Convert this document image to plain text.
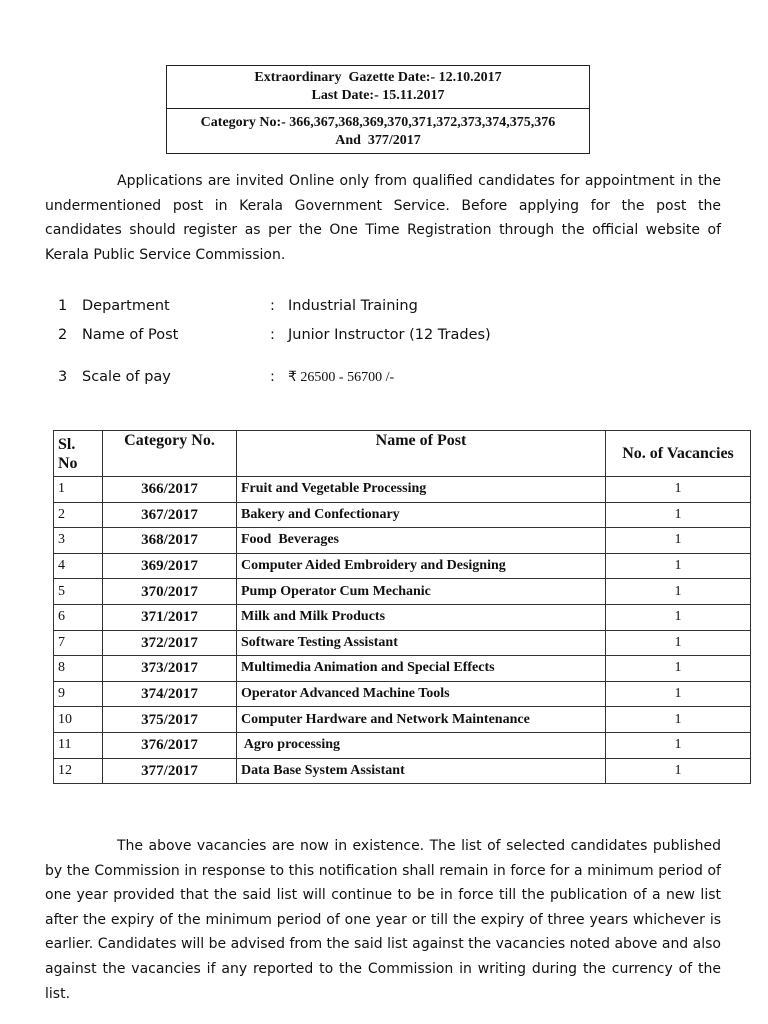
Extraordinary  Gazette Date:- 12.10.2017
Last Date:- 15.11.2017
Category No:- 366,367,368,369,370,371,372,373,374,375,376
And  377/2017

Applications are invited Online only from qualified candidates for appointment in the undermentioned post in Kerala Government Service. Before applying for the post the candidates should register as per the One Time Registration through the official website of Kerala Public Service Commission.

1	Department	: Industrial Training
2	Name of Post	: Junior Instructor (12 Trades)
3	Scale of pay	: ₹ 26500 - 56700 /-
Sl. No	Category No.	Name of Post	No. of Vacancies
1	366/2017	Fruit and Vegetable Processing	1
2	367/2017	Bakery and Confectionary	1
3	368/2017	Food  Beverages	1
4	369/2017	Computer Aided Embroidery and Designing	1
5	370/2017	Pump Operator Cum Mechanic	1
6	371/2017	Milk and Milk Products	1
7	372/2017	Software Testing Assistant	1
8	373/2017	Multimedia Animation and Special Effects	1
9	374/2017	Operator Advanced Machine Tools	1
10	375/2017	Computer Hardware and Network Maintenance	1
11	376/2017	Agro processing	1
12	377/2017	Data Base System Assistant	1

The above vacancies are now in existence. The list of selected candidates published by the Commission in response to this notification shall remain in force for a minimum period of one year provided that the said list will continue to be in force till the publication of a new list after the expiry of the minimum period of one year or till the expiry of three years whichever is earlier. Candidates will be advised from the said list against the vacancies noted above and also against the vacancies if any reported to the Commission in writing during the currency of the list.
